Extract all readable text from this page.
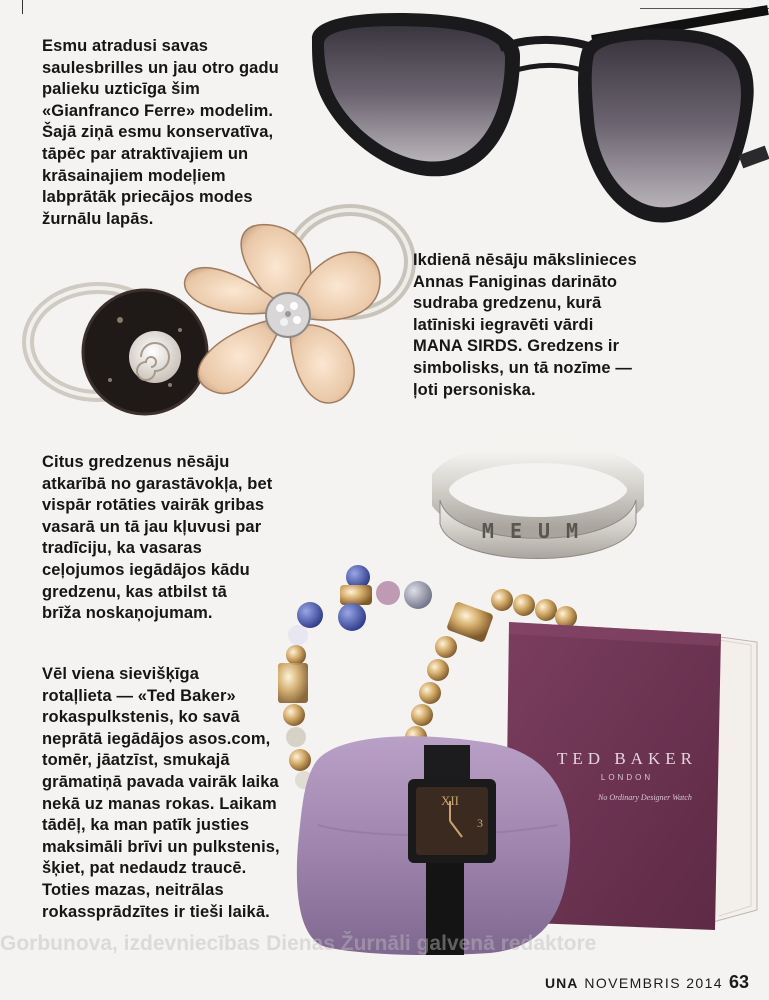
MEUM
TED BAKER
LONDON
No Ordinary Designer Watch
XII
3

Esmu atradusi savas
saulesbrilles un jau otro gadu
palieku uzticīga šim
«Gianfranco Ferre» modelim.
Šajā ziņā esmu konservatīva,
tāpēc par atraktīvajiem un
krāsainajiem modeļiem
labprātāk priecājos modes
žurnālu lapās.

Ikdienā nēsāju mākslinieces
Annas Faniginas darināto
sudraba gredzenu, kurā
latīniski iegravēti vārdi
MANA SIRDS. Gredzens ir
simbolisks, un tā nozīme —
ļoti personiska.

Citus gredzenus nēsāju
atkarībā no garastāvokļa, bet
vispār rotāties vairāk gribas
vasarā un tā jau kļuvusi par
tradīciju, ka vasaras
ceļojumos iegādājos kādu
gredzenu, kas atbilst tā
brīža noskaņojumam.

Vēl viena sievišķīga
rotaļlieta — «Ted Baker»
rokaspulkstenis, ko savā
neprātā iegādājos asos.com,
tomēr, jāatzīst, smukajā
grāmatiņā pavada vairāk laika
nekā uz manas rokas. Laikam
tādēļ, ka man patīk justies
maksimāli brīvi un pulkstenis,
šķiet, pat nedaudz traucē.
Toties mazas, neitrālas
rokassprādzītes ir tieši laikā.

Gorbunova, izdevniecības Dienas Žurnāli galvenā redaktore
UNA NOVEMBRIS 2014 63
